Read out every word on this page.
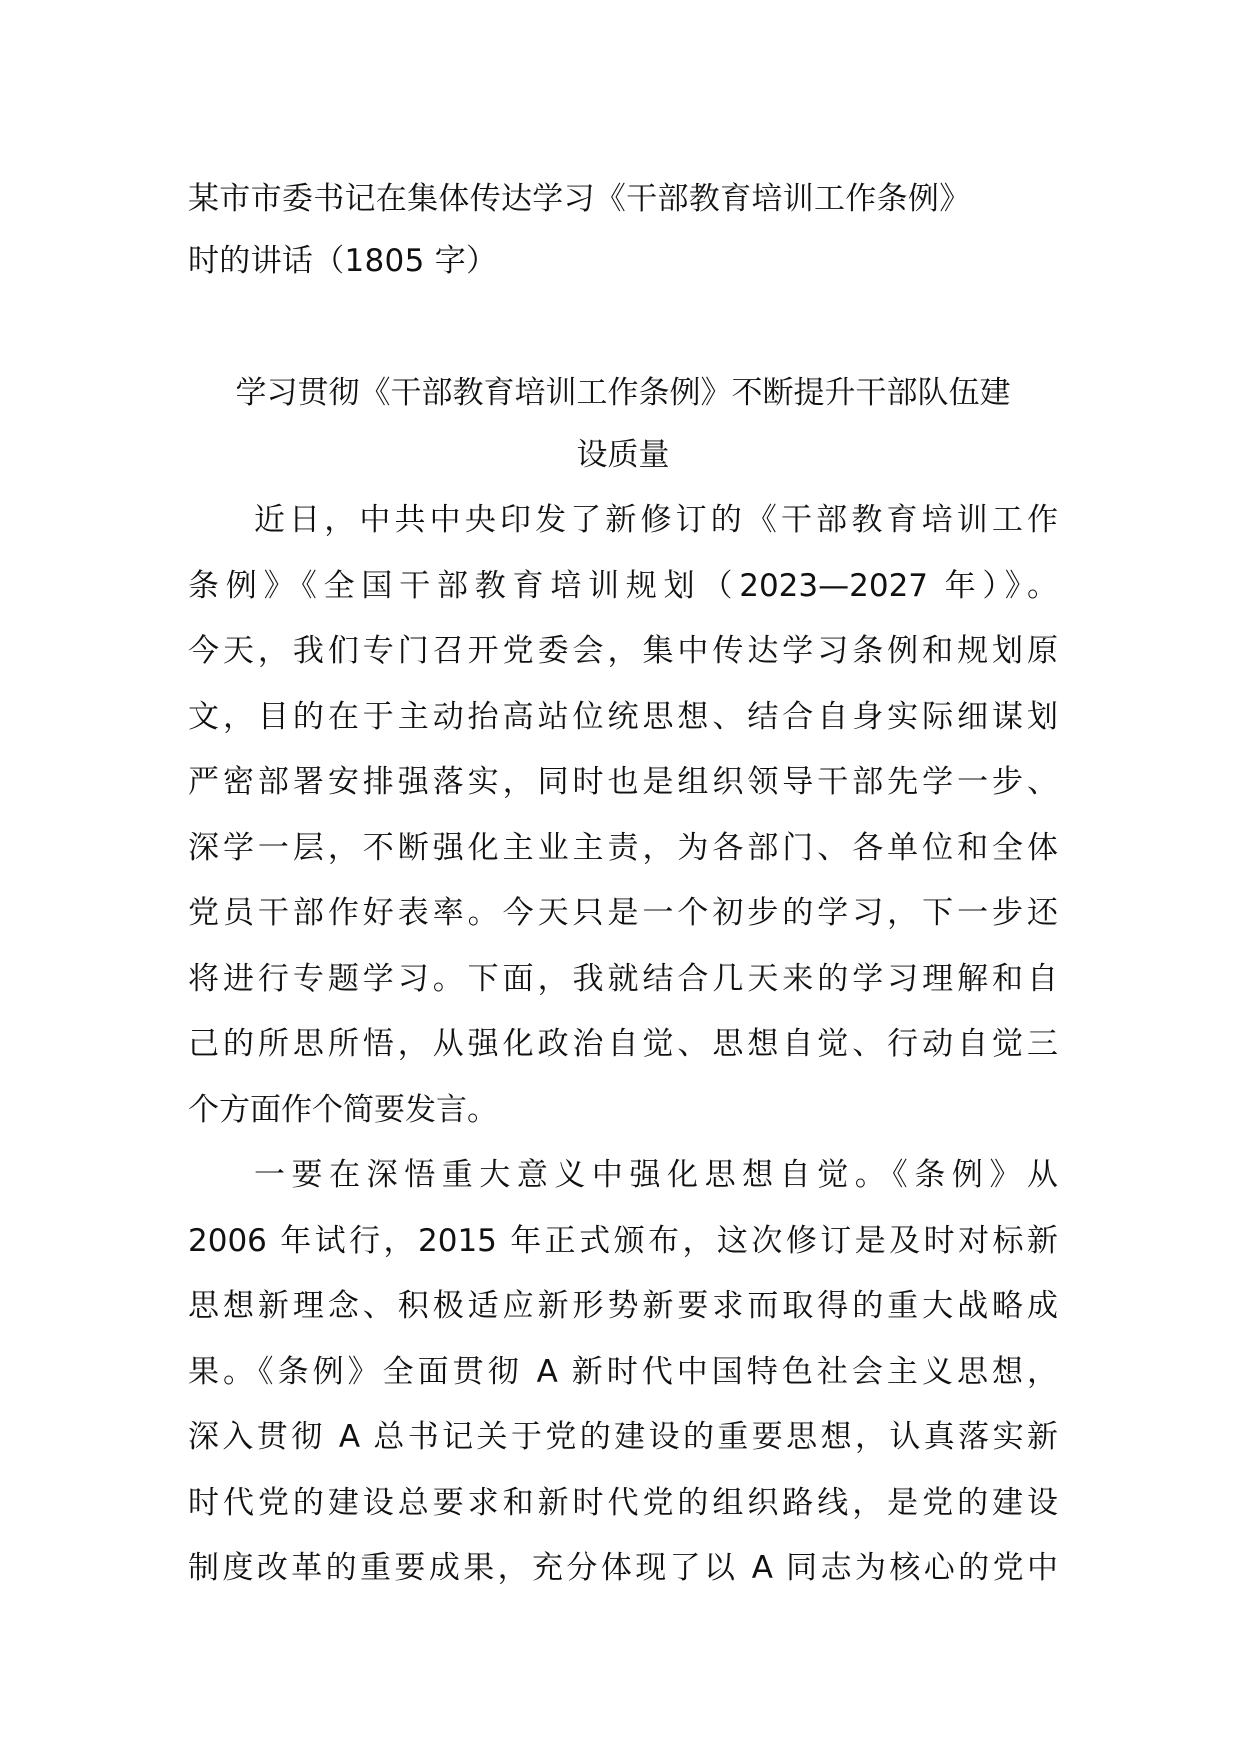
某市市委书记在集体传达学习《干部教育培训工作条例》
时的讲话（1805 字）
学习贯彻《干部教育培训工作条例》不断提升干部队伍建
设质量
近日，中共中央印发了新修订的《干部教育培训工作
条例》《全国干部教育培训规划（2023—2027 年）》。
今天，我们专门召开党委会，集中传达学习条例和规划原
文，目的在于主动抬高站位统思想、结合自身实际细谋划
严密部署安排强落实，同时也是组织领导干部先学一步、
深学一层，不断强化主业主责，为各部门、各单位和全体
党员干部作好表率。今天只是一个初步的学习，下一步还
将进行专题学习。下面，我就结合几天来的学习理解和自
己的所思所悟，从强化政治自觉、思想自觉、行动自觉三
个方面作个简要发言。
一要在深悟重大意义中强化思想自觉。《条例》从
2006 年试行，2015 年正式颁布，这次修订是及时对标新
思想新理念、积极适应新形势新要求而取得的重大战略成
果。《条例》全面贯彻 A 新时代中国特色社会主义思想，
深入贯彻 A 总书记关于党的建设的重要思想，认真落实新
时代党的建设总要求和新时代党的组织路线，是党的建设
制度改革的重要成果，充分体现了以 A 同志为核心的党中
